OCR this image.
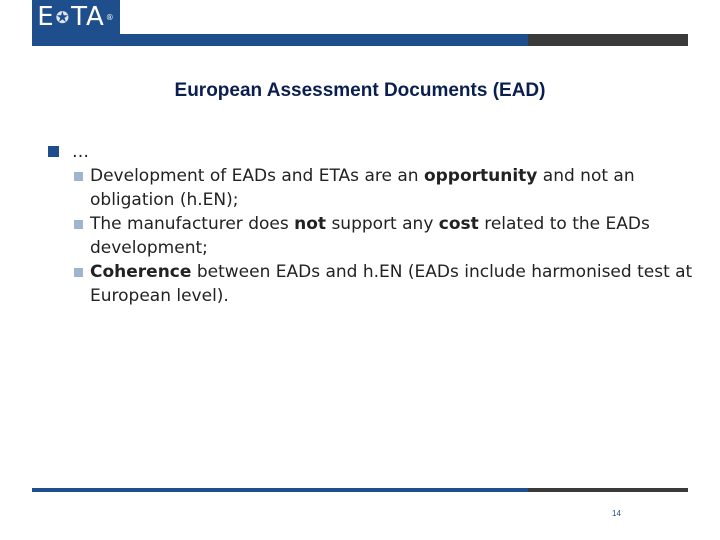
E ✪ TA ®
European Assessment Documents (EAD)
…
Development of EADs and ETAs are an opportunity and not an obligation (h.EN);
The manufacturer does not support any cost related to the EADs development;
Coherence between EADs and h.EN (EADs include harmonised test at European level).
14
